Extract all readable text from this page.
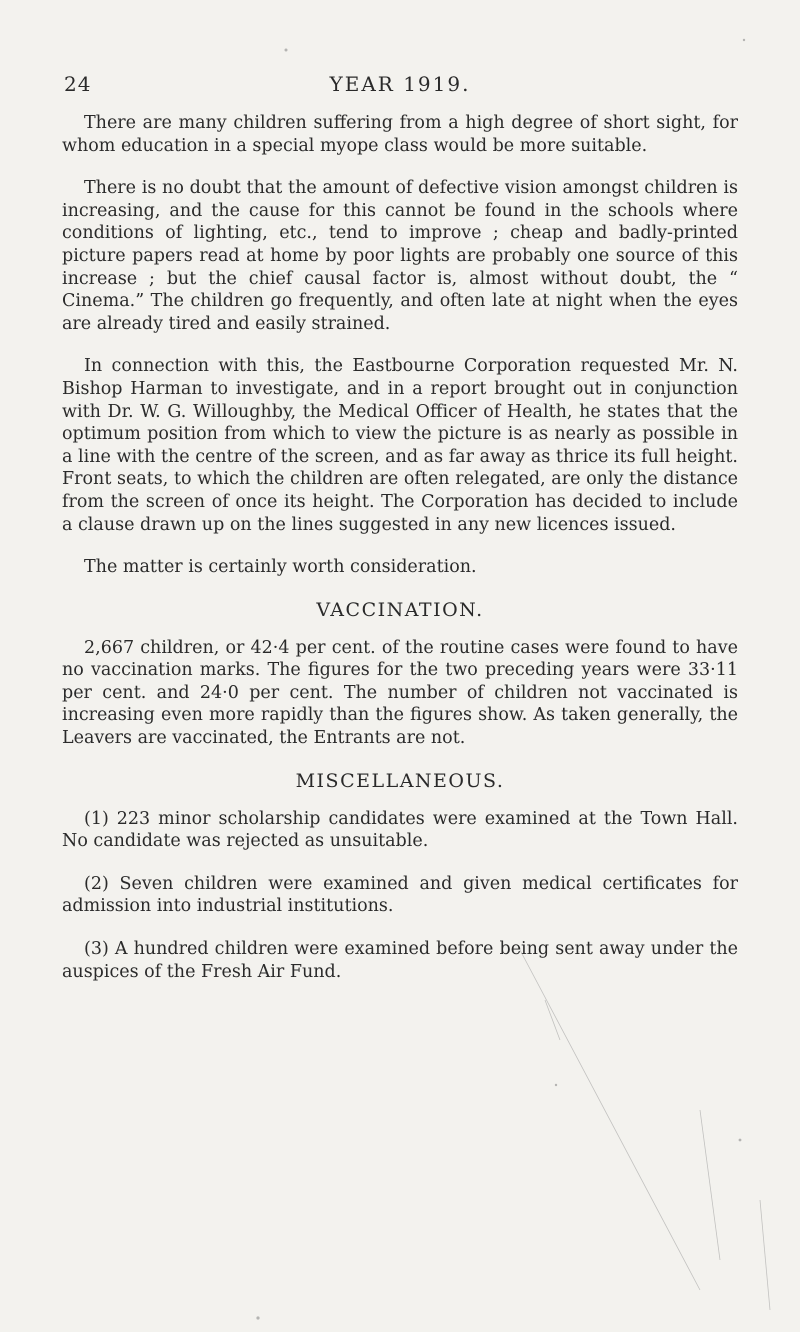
24	YEAR 1919.

There are many children suffering from a high degree of short sight, for whom education in a special myope class would be more suitable.

There is no doubt that the amount of defective vision amongst children is increasing, and the cause for this cannot be found in the schools where conditions of lighting, etc., tend to improve ; cheap and badly-printed picture papers read at home by poor lights are probably one source of this increase ; but the chief causal factor is, almost without doubt, the “ Cinema.” The children go frequently, and often late at night when the eyes are already tired and easily strained.

In connection with this, the Eastbourne Corporation requested Mr. N. Bishop Harman to investigate, and in a report brought out in conjunction with Dr. W. G. Willoughby, the Medical Officer of Health, he states that the optimum position from which to view the picture is as nearly as possible in a line with the centre of the screen, and as far away as thrice its full height. Front seats, to which the children are often relegated, are only the distance from the screen of once its height. The Corporation has decided to include a clause drawn up on the lines suggested in any new licences issued.

The matter is certainly worth consideration.

VACCINATION.

2,667 children, or 42·4 per cent. of the routine cases were found to have no vaccination marks. The figures for the two preceding years were 33·11 per cent. and 24·0 per cent. The number of children not vaccinated is increasing even more rapidly than the figures show. As taken generally, the Leavers are vaccinated, the Entrants are not.

MISCELLANEOUS.

(1) 223 minor scholarship candidates were examined at the Town Hall. No candidate was rejected as unsuitable.

(2) Seven children were examined and given medical certificates for admission into industrial institutions.

(3) A hundred children were examined before being sent away under the auspices of the Fresh Air Fund.
